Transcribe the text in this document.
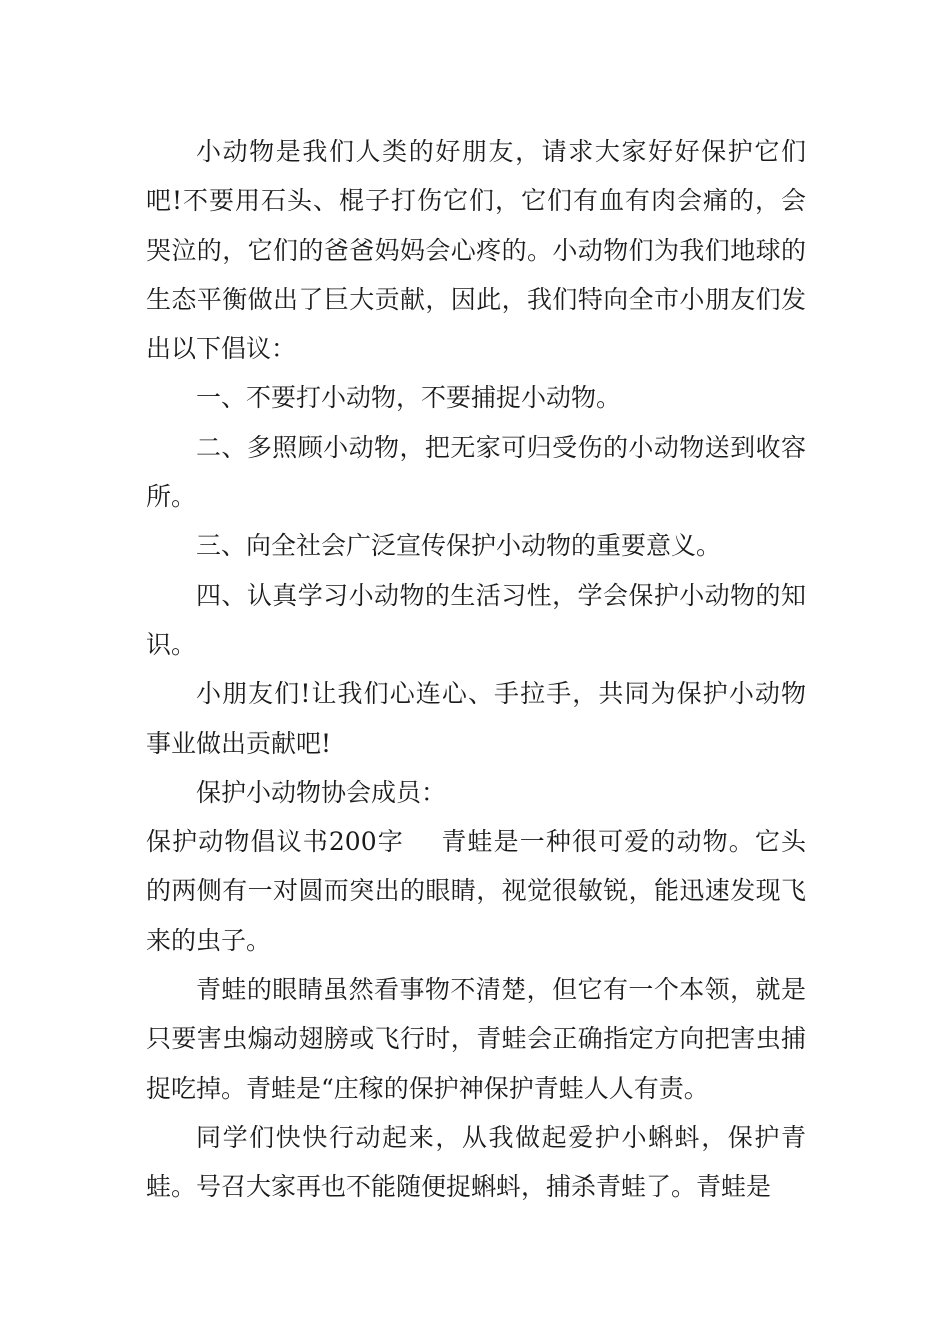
小动物是我们人类的好朋友，请求大家好好保护它们吧!不要用石头、棍子打伤它们，它们有血有肉会痛的，会哭泣的，它们的爸爸妈妈会心疼的。小动物们为我们地球的生态平衡做出了巨大贡献，因此，我们特向全市小朋友们发出以下倡议：

一、不要打小动物，不要捕捉小动物。

二、多照顾小动物，把无家可归受伤的小动物送到收容所。

三、向全社会广泛宣传保护小动物的重要意义。

四、认真学习小动物的生活习性，学会保护小动物的知识。

小朋友们!让我们心连心、手拉手，共同为保护小动物事业做出贡献吧!

保护小动物协会成员：

保护动物倡议书200字 青蛙是一种很可爱的动物。它头的两侧有一对圆而突出的眼睛，视觉很敏锐，能迅速发现飞来的虫子。

青蛙的眼睛虽然看事物不清楚，但它有一个本领，就是只要害虫煽动翅膀或飞行时，青蛙会正确指定方向把害虫捕捉吃掉。青蛙是“庄稼的保护神保护青蛙人人有责。

同学们快快行动起来，从我做起爱护小蝌蚪，保护青蛙。号召大家再也不能随便捉蝌蚪，捕杀青蛙了。青蛙是
